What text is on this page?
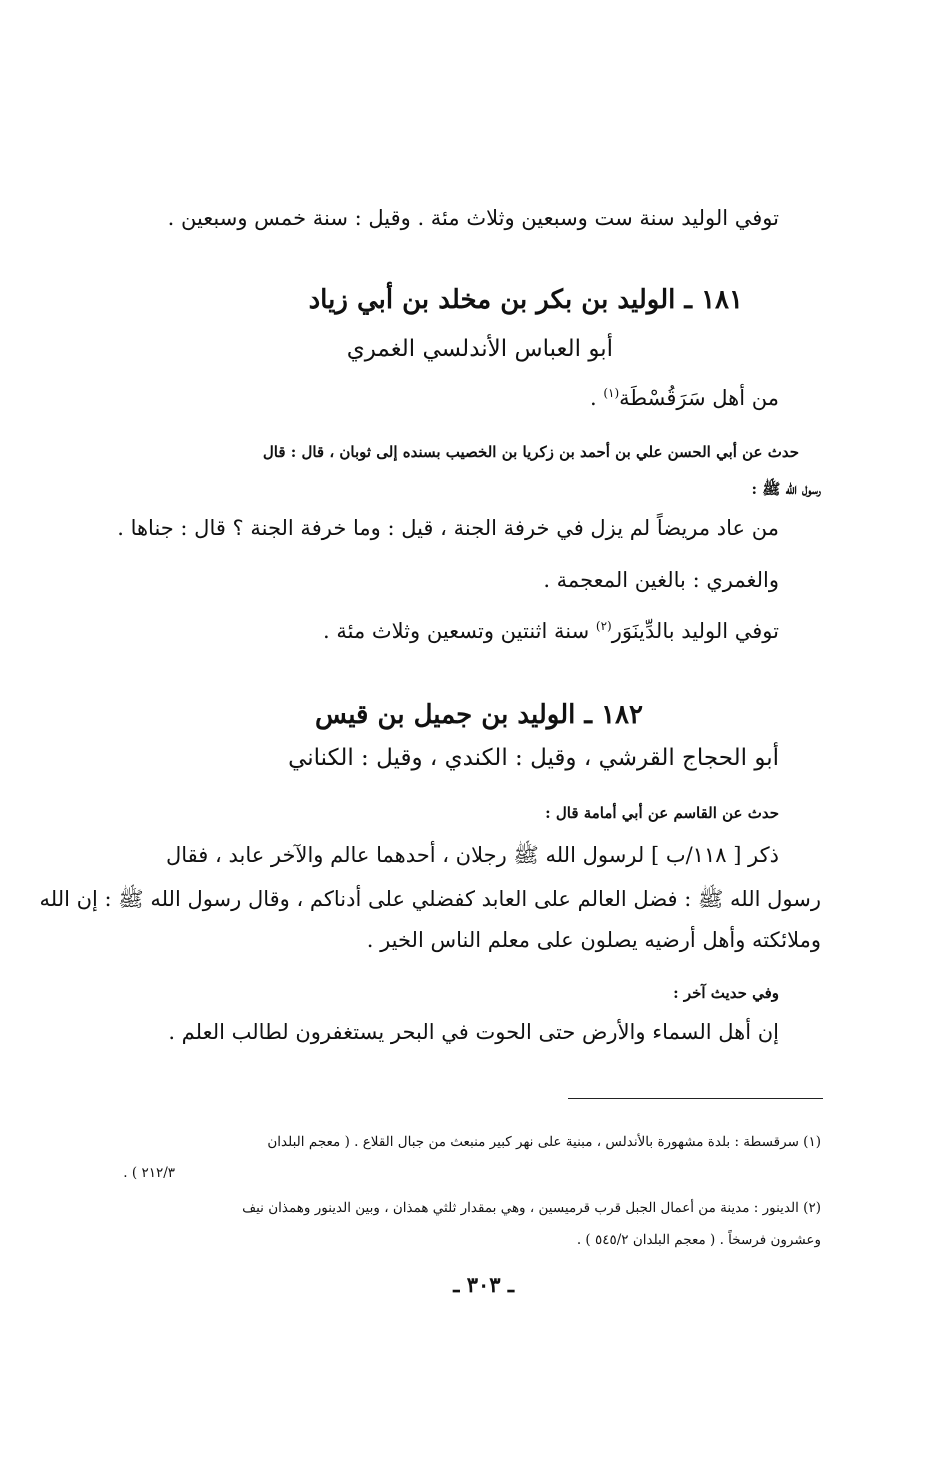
توفي الوليد سنة ست وسبعين وثلاث مئة . وقيل : سنة خمس وسبعين .
١٨١ ـ الوليد بن بكر بن مخلد بن أبي زياد
أبو العباس الأندلسي الغمري
من أهل سَرَقُسْطَة$^{(١)}$ .
حدث عن أبي الحسن علي بن أحمد بن زكريا بن الخصيب بسنده إلى ثوبان ، قال : قال
رسول الله ﷺ :
من عاد مريضاً لم يزل في خرفة الجنة ، قيل : وما خرفة الجنة ؟ قال : جناها .
والغمري : بالغين المعجمة .
توفي الوليد بالدِّينَوَر$^{(٢)}$ سنة اثنتين وتسعين وثلاث مئة .
١٨٢ ـ الوليد بن جميل بن قيس
أبو الحجاج القرشي ، وقيل : الكندي ، وقيل : الكناني
حدث عن القاسم عن أبي أمامة قال :
ذكر [ ١١٨/ب ] لرسول الله ﷺ رجلان ، أحدهما عالم والآخر عابد ، فقال
رسول الله ﷺ : فضل العالم على العابد كفضلي على أدناكم ، وقال رسول الله ﷺ : إن الله
وملائكته وأهل أرضيه يصلون على معلم الناس الخير .
وفي حديث آخر :
إن أهل السماء والأرض حتى الحوت في البحر يستغفرون لطالب العلم .
(١) سرقسطة : بلدة مشهورة بالأندلس ، مبنية على نهر كبير منبعث من جبال القلاع . ( معجم البلدان
٢١٢/٣ ) .
(٢) الدينور : مدينة من أعمال الجبل قرب قرميسين ، وهي بمقدار ثلثي همذان ، وبين الدينور وهمذان نيف
وعشرون فرسخاً . ( معجم البلدان ٥٤٥/٢ ) .
ـ ٣٠٣ ـ
